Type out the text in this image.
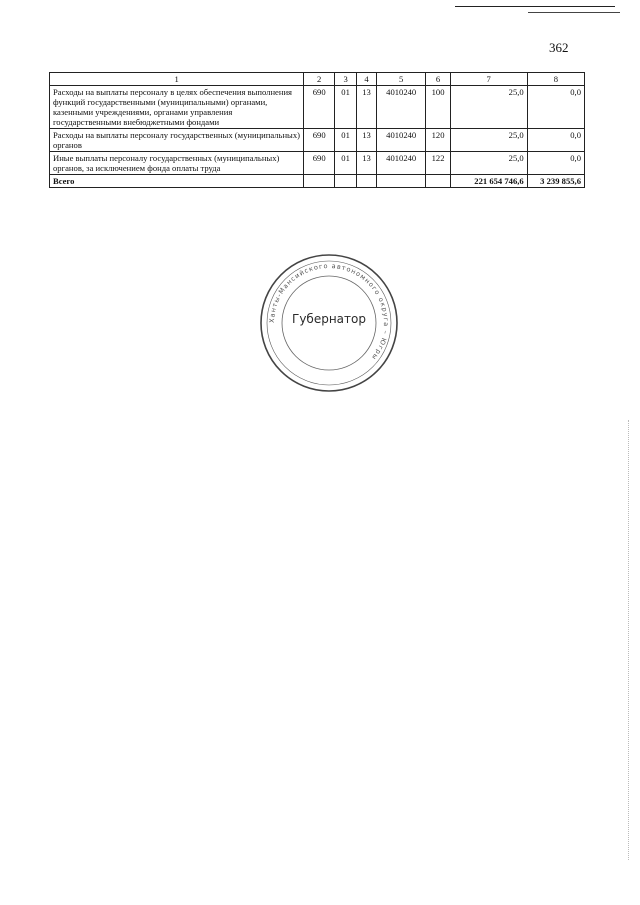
362
1	2	3	4	5	6	7	8
Расходы на выплаты персоналу в целях обеспечения выполнения функций государственными (муниципальными) органами, казенными учреждениями, органами управления государственными внебюджетными фондами	690	01	13	4010240	100	25,0	0,0
Расходы на выплаты персоналу государственных (муниципальных) органов	690	01	13	4010240	120	25,0	0,0
Иные выплаты персоналу государственных (муниципальных) органов, за исключением фонда оплаты труда	690	01	13	4010240	122	25,0	0,0
Всего						221 654 746,6	3 239 855,6
Ханты-Мансийского автономного округа – Югры
Губернатор
